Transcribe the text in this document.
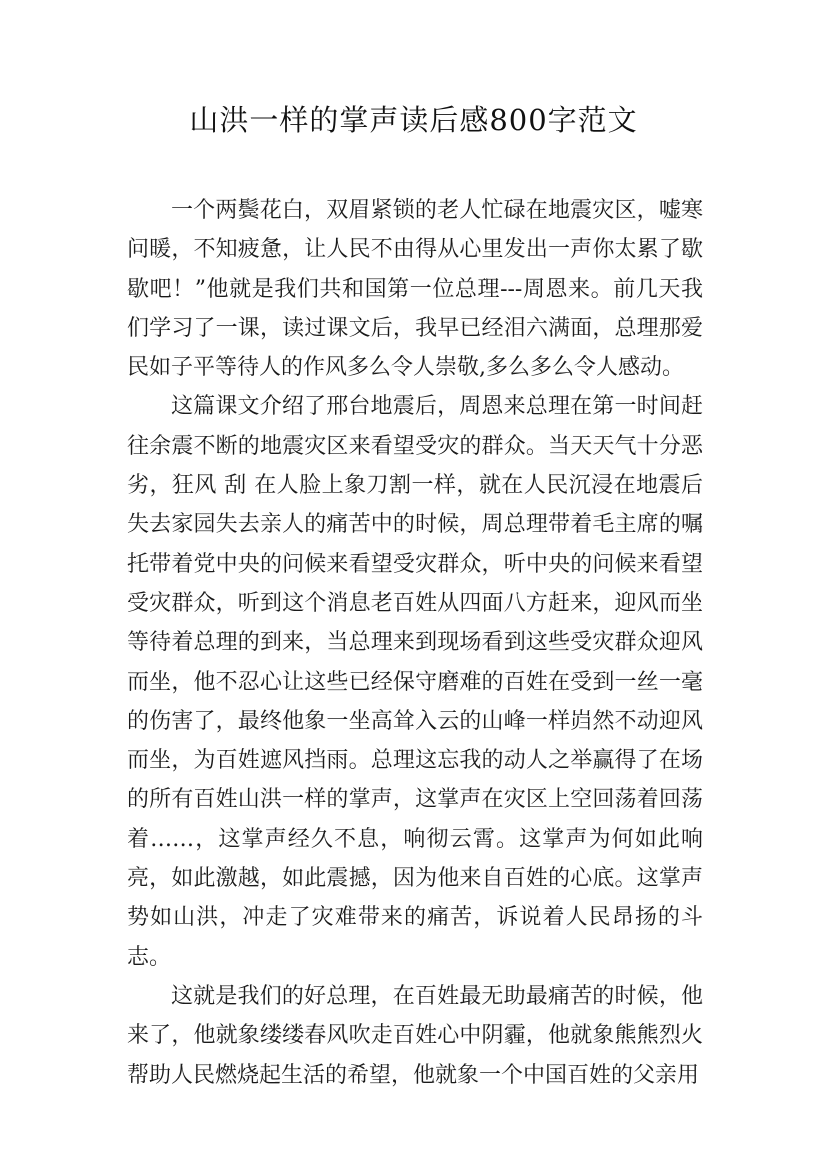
山洪一样的掌声读后感800字范文

一个两鬓花白，双眉紧锁的老人忙碌在地震灾区，嘘寒问暖，不知疲惫，让人民不由得从心里发出一声你太累了歇歇吧！”他就是我们共和国第一位总理---周恩来。前几天我们学习了一课，读过课文后，我早已经泪六满面，总理那爱民如子平等待人的作风多么令人崇敬,多么多么令人感动。

这篇课文介绍了邢台地震后，周恩来总理在第一时间赶往余震不断的地震灾区来看望受灾的群众。当天天气十分恶劣，狂风 刮 在人脸上象刀割一样，就在人民沉浸在地震后失去家园失去亲人的痛苦中的时候，周总理带着毛主席的嘱托带着党中央的问候来看望受灾群众，听中央的问候来看望受灾群众，听到这个消息老百姓从四面八方赶来，迎风而坐等待着总理的到来，当总理来到现场看到这些受灾群众迎风而坐，他不忍心让这些已经保守磨难的百姓在受到一丝一毫的伤害了，最终他象一坐高耸入云的山峰一样岿然不动迎风而坐，为百姓遮风挡雨。总理这忘我的动人之举赢得了在场的所有百姓山洪一样的掌声，这掌声在灾区上空回荡着回荡着……，这掌声经久不息，响彻云霄。这掌声为何如此响亮，如此激越，如此震撼，因为他来自百姓的心底。这掌声势如山洪，冲走了灾难带来的痛苦，诉说着人民昂扬的斗志。

这就是我们的好总理，在百姓最无助最痛苦的时候，他来了，他就象缕缕春风吹走百姓心中阴霾，他就象熊熊烈火帮助人民燃烧起生活的希望，他就象一个中国百姓的父亲用
